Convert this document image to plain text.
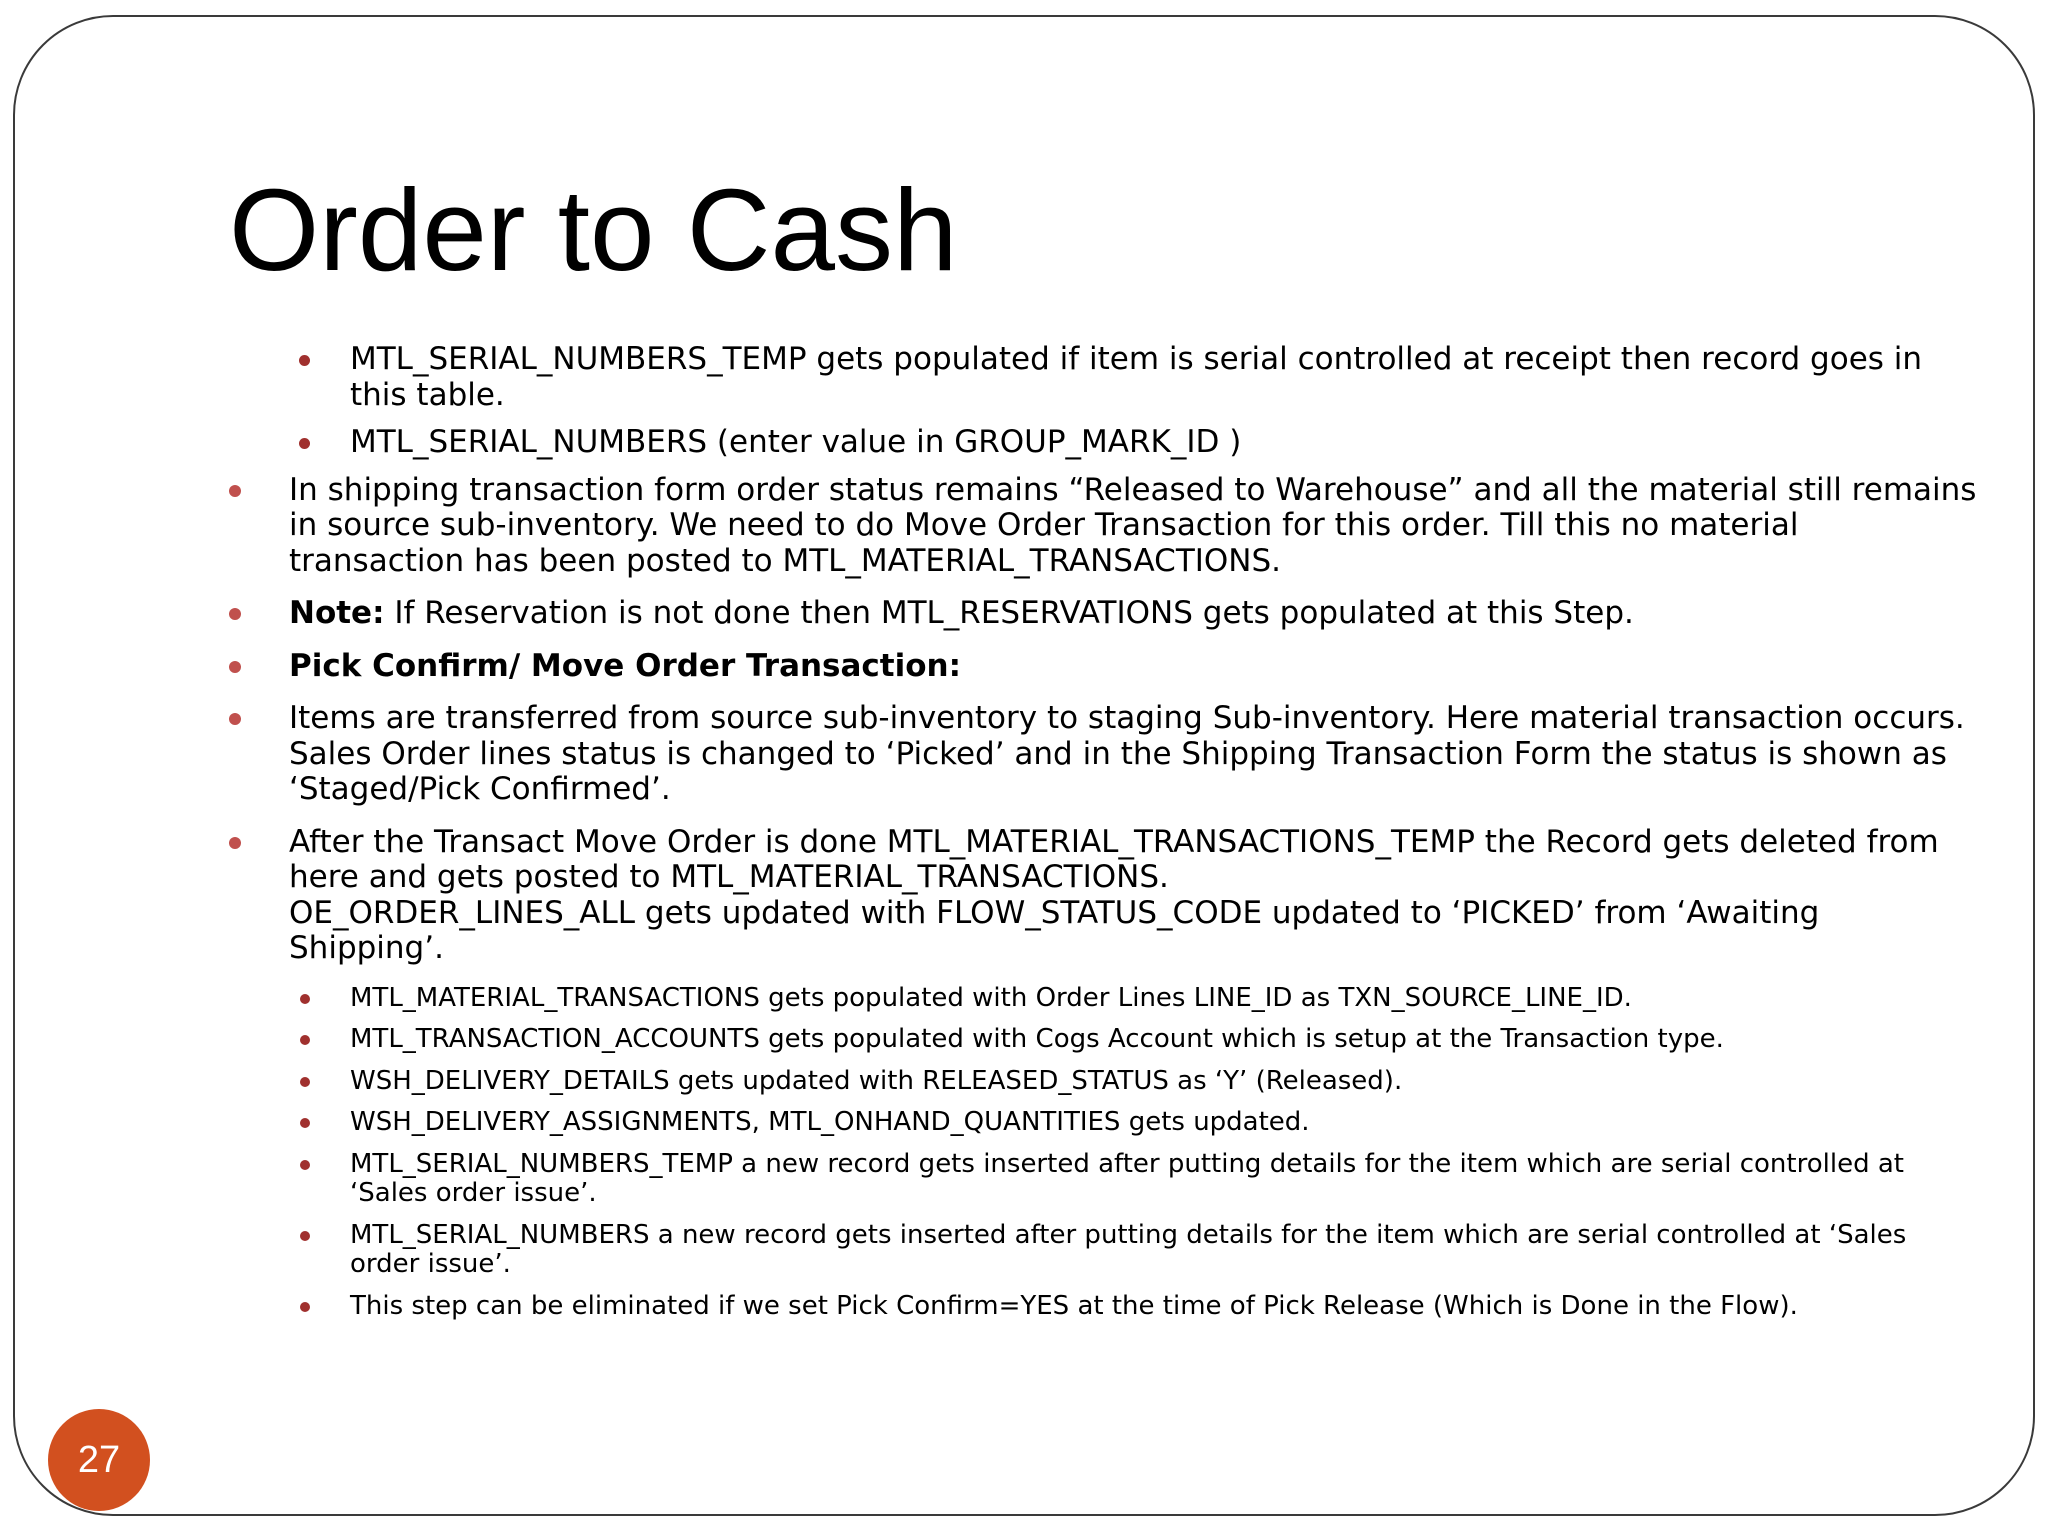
Order to Cash
MTL_SERIAL_NUMBERS_TEMP gets populated if item is serial controlled at receipt then record goes in this table.
MTL_SERIAL_NUMBERS (enter value in GROUP_MARK_ID )
In shipping transaction form order status remains “Released to Warehouse” and all the material still remains in source sub-inventory. We need to do Move Order Transaction for this order. Till this no material transaction has been posted to MTL_MATERIAL_TRANSACTIONS.
Note: If Reservation is not done then MTL_RESERVATIONS gets populated at this Step.
Pick Confirm/ Move Order Transaction:
Items are transferred from source sub-inventory to staging Sub-inventory. Here material transaction occurs. Sales Order lines status is changed to ‘Picked’ and in the Shipping Transaction Form the status is shown as ‘Staged/Pick Confirmed’.
After the Transact Move Order is done MTL_MATERIAL_TRANSACTIONS_TEMP the Record gets deleted from here and gets posted to MTL_MATERIAL_TRANSACTIONS.
OE_ORDER_LINES_ALL gets updated with FLOW_STATUS_CODE updated to ‘PICKED’ from ‘Awaiting Shipping’.
MTL_MATERIAL_TRANSACTIONS gets populated with Order Lines LINE_ID as TXN_SOURCE_LINE_ID.
MTL_TRANSACTION_ACCOUNTS gets populated with Cogs Account which is setup at the Transaction type.
WSH_DELIVERY_DETAILS gets updated with RELEASED_STATUS as ‘Y’ (Released).
WSH_DELIVERY_ASSIGNMENTS, MTL_ONHAND_QUANTITIES gets updated.
MTL_SERIAL_NUMBERS_TEMP a new record gets inserted after putting details for the item which are serial controlled at ‘Sales order issue’.
MTL_SERIAL_NUMBERS a new record gets inserted after putting details for the item which are serial controlled at ‘Sales order issue’.
This step can be eliminated if we set Pick Confirm=YES at the time of Pick Release (Which is Done in the Flow).
27
